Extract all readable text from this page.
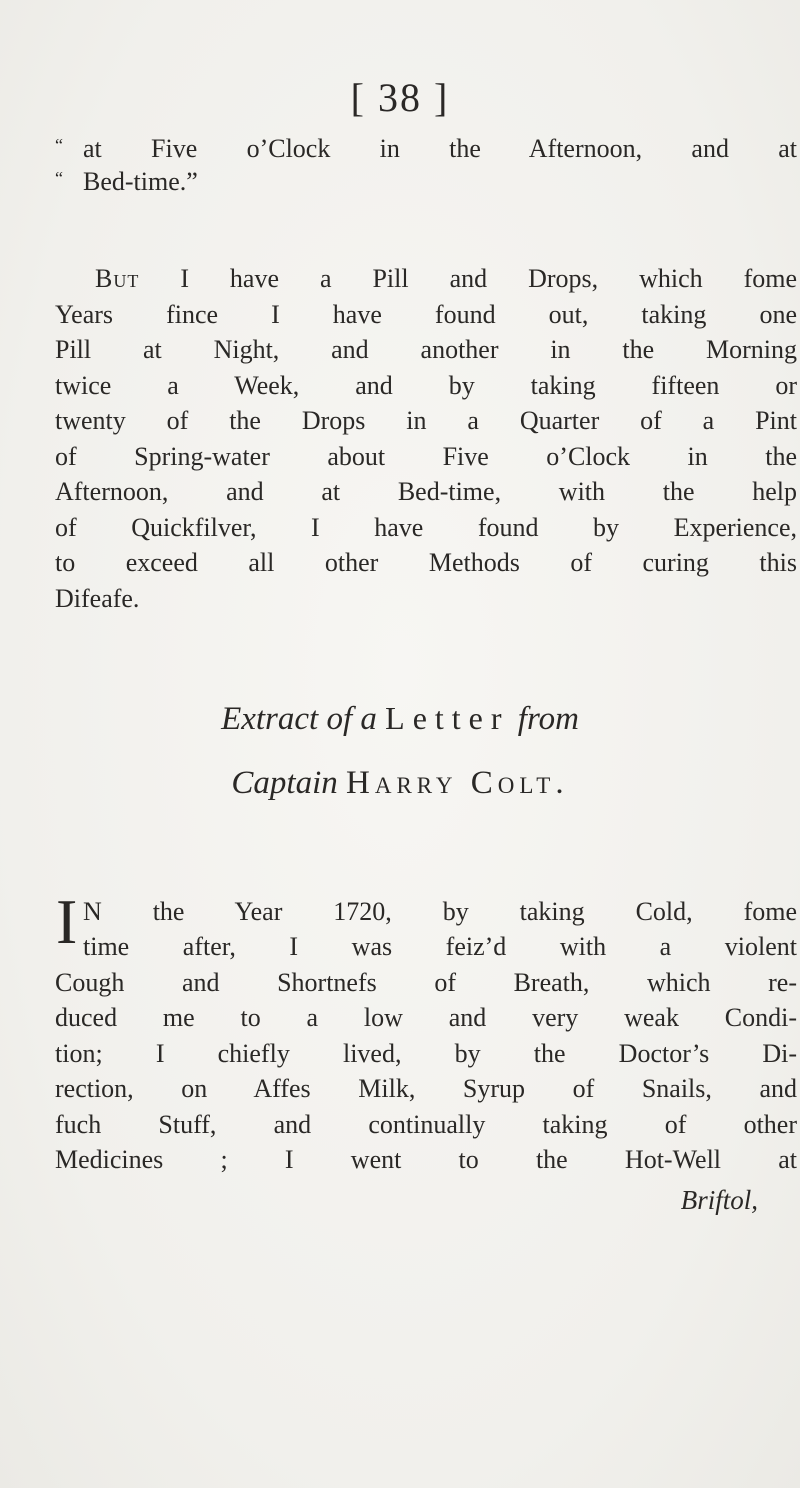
[ 38 ]
“ at Five o’Clock in the Afternoon, and at
“ Bed-time.”
But I have a Pill and Drops, which fome
Years fince I have found out, taking one
Pill at Night, and another in the Morning
twice a Week, and by taking fifteen or
twenty of the Drops in a Quarter of a Pint
of Spring-water about Five o’Clock in the
Afternoon, and at Bed-time, with the help
of Quickfilver, I have found by Experience,
to exceed all other Methods of curing this
Difeafe.
Extract of a Letter from
Captain Harry Colt.
I N the Year 1720, by taking Cold, fome
time after, I was feiz’d with a violent
Cough and Shortnefs of Breath, which re-
duced me to a low and very weak Condi-
tion; I chiefly lived, by the Doctor’s Di-
rection, on Affes Milk, Syrup of Snails, and
fuch Stuff, and continually taking of other
Medicines ; I went to the Hot-Well at
Briftol,
